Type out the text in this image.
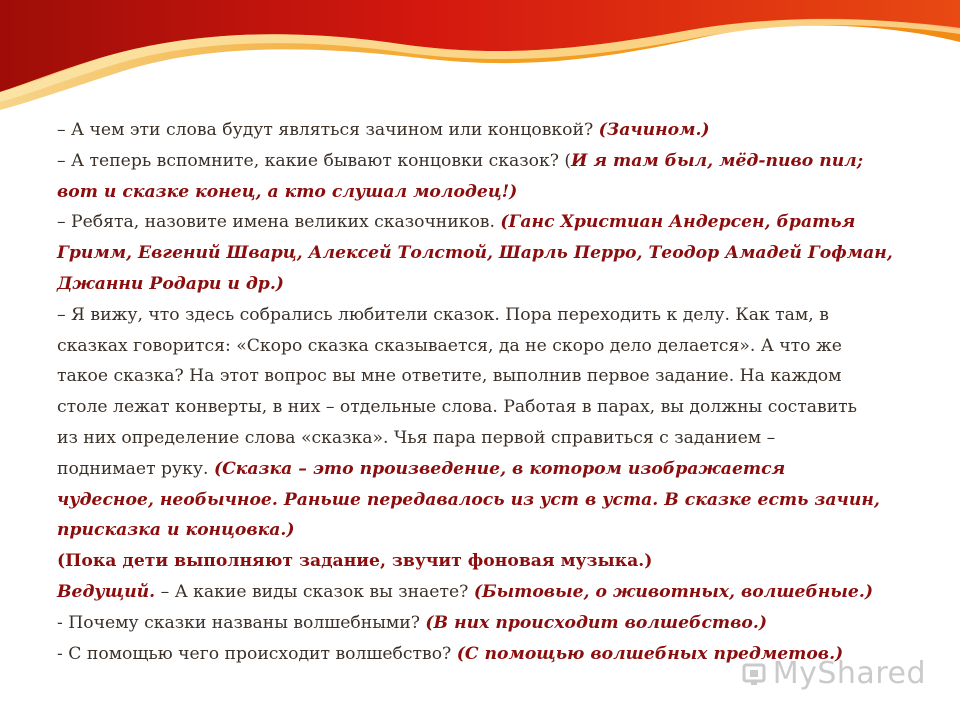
– А чем эти слова будут являться зачином или концовкой? (Зачином.)
– А теперь вспомните, какие бывают концовки сказок? (И я там был, мёд-пиво пил;
вот и сказке конец, а кто слушал молодец!)
– Ребята, назовите имена великих сказочников. (Ганс Христиан Андерсен, братья
Гримм, Евгений Шварц, Алексей Толстой, Шарль Перро, Теодор Амадей Гофман,
Джанни Родари и др.)
– Я вижу, что здесь собрались любители сказок. Пора переходить к делу. Как там, в
сказках говорится: «Скоро сказка сказывается, да не скоро дело делается». А что же
такое сказка? На этот вопрос вы мне ответите, выполнив первое задание. На каждом
столе лежат конверты, в них – отдельные слова. Работая в парах, вы должны составить
из них определение слова «сказка». Чья пара первой справиться с заданием –
поднимает руку. (Сказка – это произведение, в котором изображается
чудесное, необычное. Раньше передавалось из уст в уста. В сказке есть зачин,
присказка и концовка.)
(Пока дети выполняют задание, звучит фоновая музыка.)
Ведущий. – А какие виды сказок вы знаете? (Бытовые, о животных, волшебные.)
- Почему сказки названы волшебными? (В них происходит волшебство.)
- С помощью чего происходит волшебство? (С помощью волшебных предметов.)
MyShared
